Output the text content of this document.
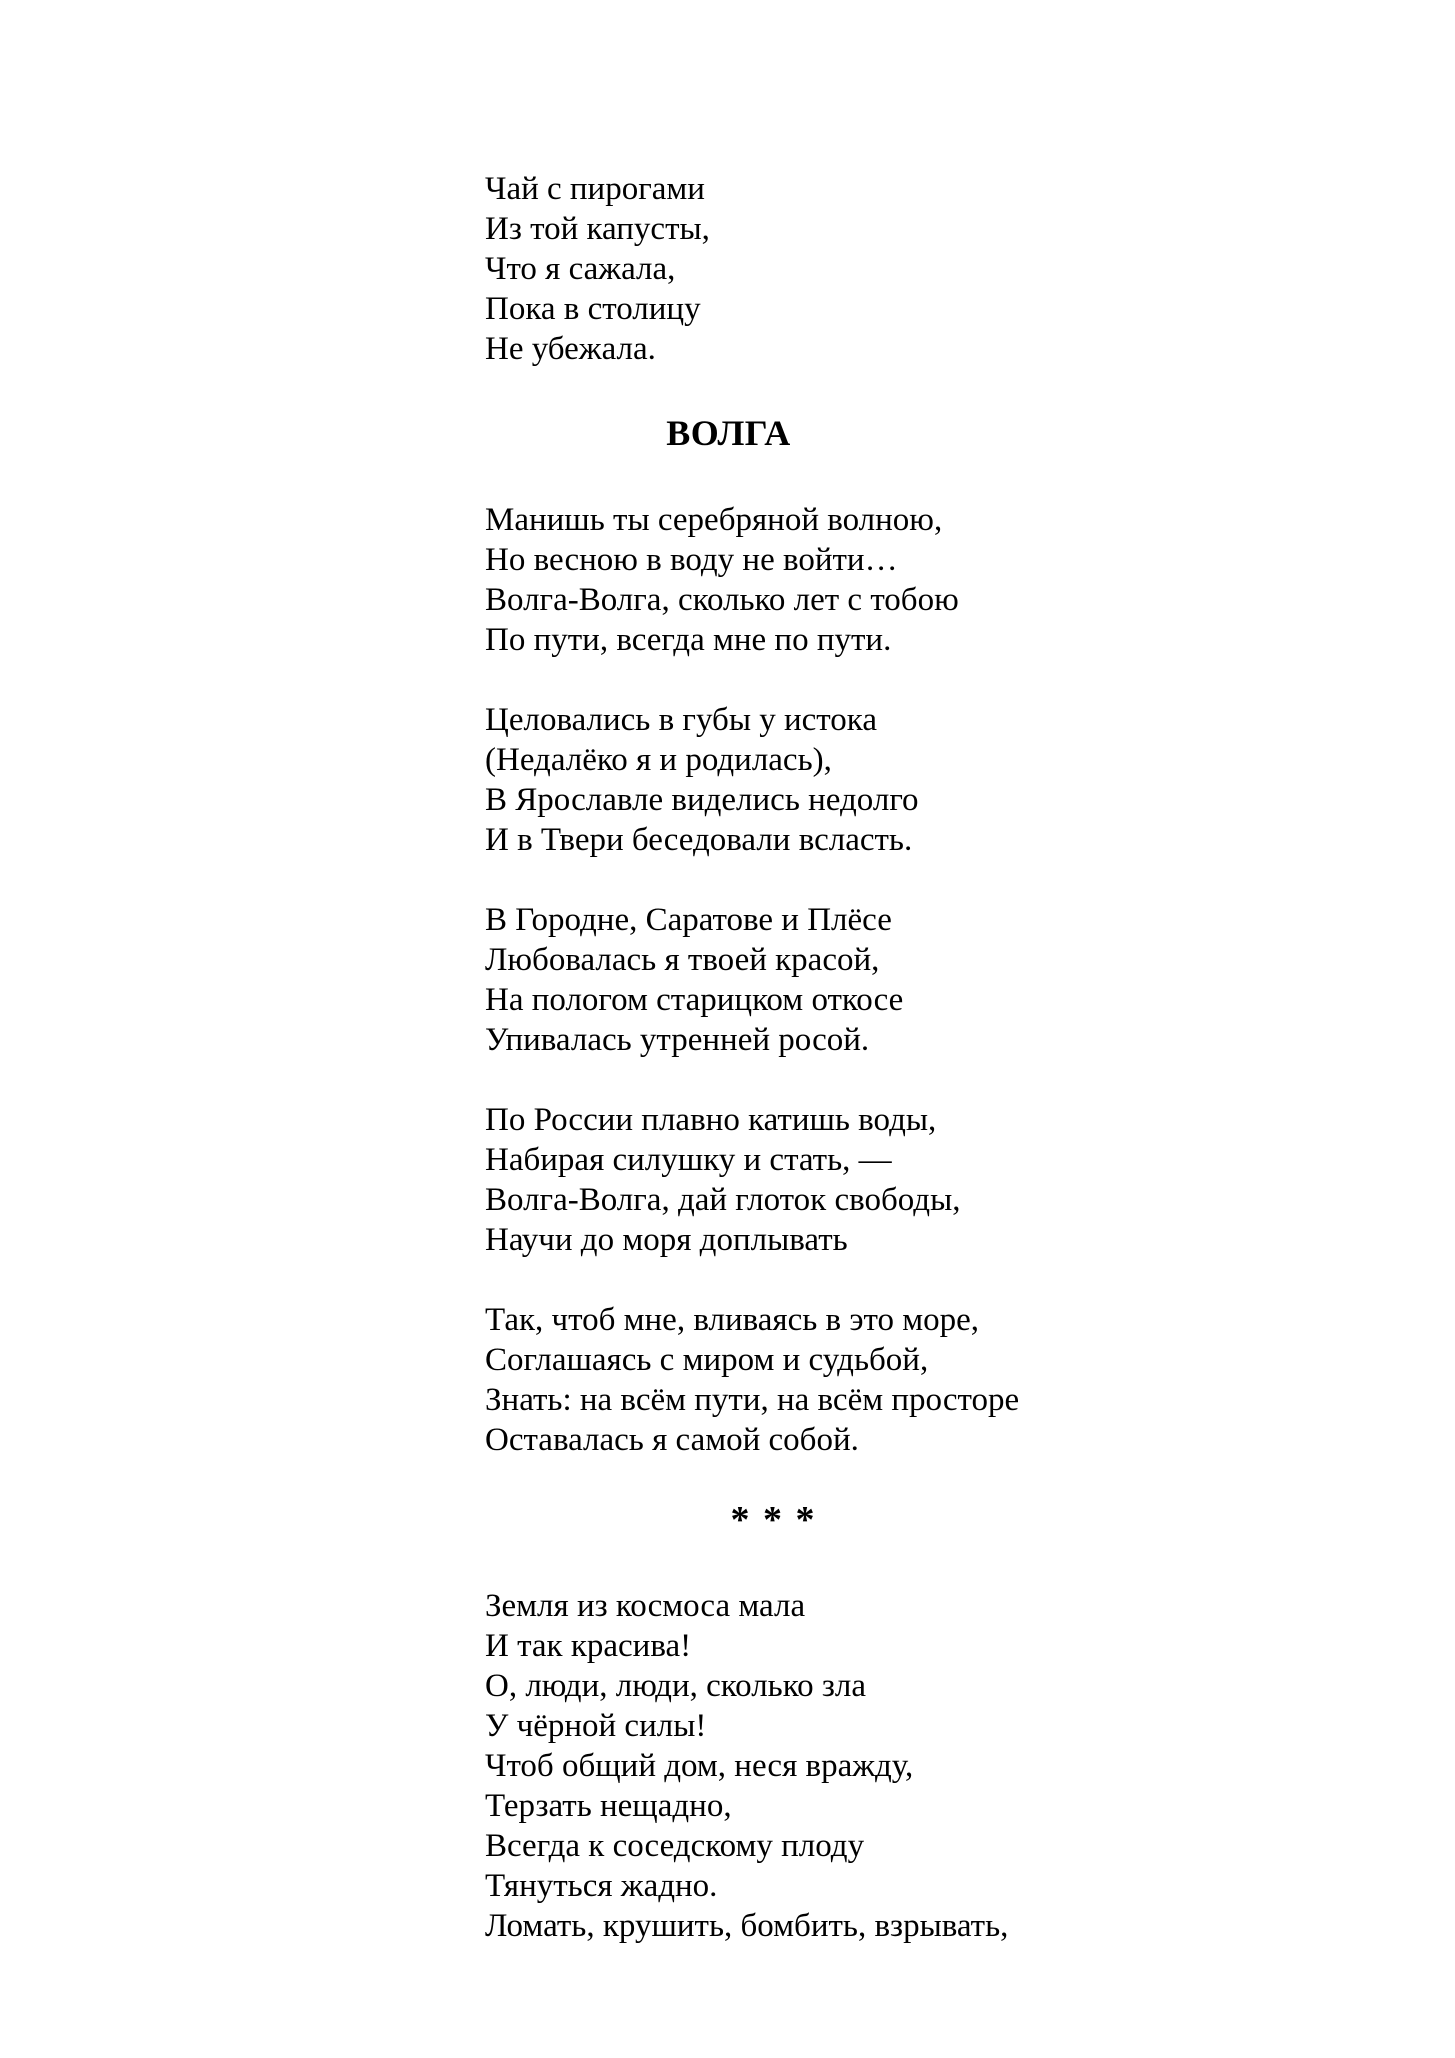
Чай с пирогами
Из той капусты,
Что я сажала,
Пока в столицу
Не убежала.
ВОЛГА
Манишь ты серебряной волною,
Но весною в воду не войти…
Волга-Волга, сколько лет с тобою
По пути, всегда мне по пути.
Целовались в губы у истока
(Недалёко я и родилась),
В Ярославле виделись недолго
И в Твери беседовали всласть.
В Городне, Саратове и Плёсе
Любовалась я твоей красой,
На пологом старицком откосе
Упивалась утренней росой.
По России плавно катишь воды,
Набирая силушку и стать, —
Волга-Волга, дай глоток свободы,
Научи до моря доплывать
Так, чтоб мне, вливаясь в это море,
Соглашаясь с миром и судьбой,
Знать: на всём пути, на всём просторе
Оставалась я самой собой.
* * *
Земля из космоса мала
И так красива!
О, люди, люди, сколько зла
У чёрной силы!
Чтоб общий дом, неся вражду,
Терзать нещадно,
Всегда к соседскому плоду
Тянуться жадно.
Ломать, крушить, бомбить, взрывать,
